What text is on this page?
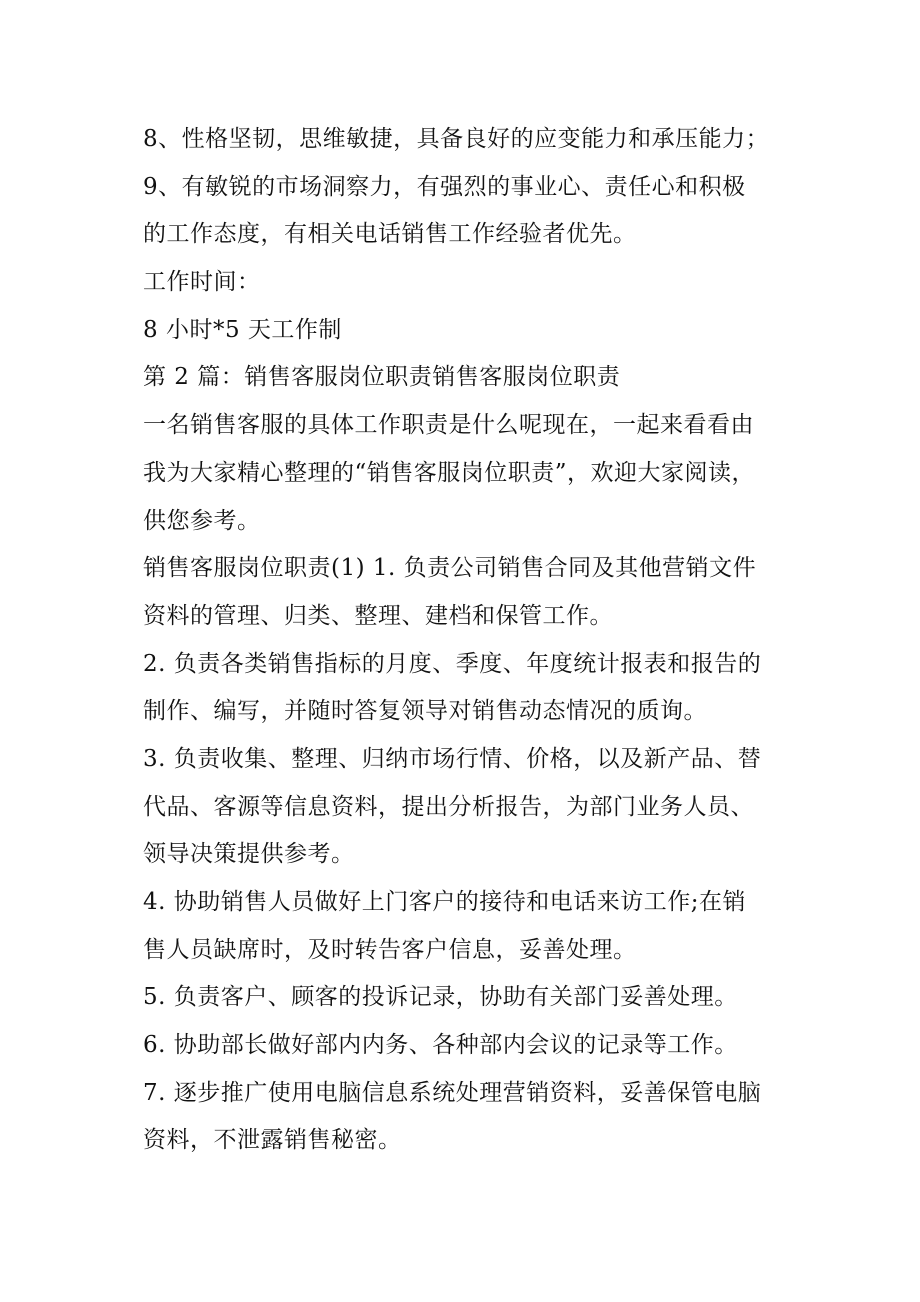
8、性格坚韧，思维敏捷，具备良好的应变能力和承压能力；
9、有敏锐的市场洞察力，有强烈的事业心、责任心和积极
的工作态度，有相关电话销售工作经验者优先。
工作时间：
8 小时*5 天工作制
第 2 篇：销售客服岗位职责销售客服岗位职责
一名销售客服的具体工作职责是什么呢现在，一起来看看由
我为大家精心整理的“销售客服岗位职责”，欢迎大家阅读，
供您参考。
销售客服岗位职责(1) 1. 负责公司销售合同及其他营销文件
资料的管理、归类、整理、建档和保管工作。
2. 负责各类销售指标的月度、季度、年度统计报表和报告的
制作、编写，并随时答复领导对销售动态情况的质询。
3. 负责收集、整理、归纳市场行情、价格，以及新产品、替
代品、客源等信息资料，提出分析报告，为部门业务人员、
领导决策提供参考。
4. 协助销售人员做好上门客户的接待和电话来访工作;在销
售人员缺席时，及时转告客户信息，妥善处理。
5. 负责客户、顾客的投诉记录，协助有关部门妥善处理。
6. 协助部长做好部内内务、各种部内会议的记录等工作。
7. 逐步推广使用电脑信息系统处理营销资料，妥善保管电脑
资料，不泄露销售秘密。
